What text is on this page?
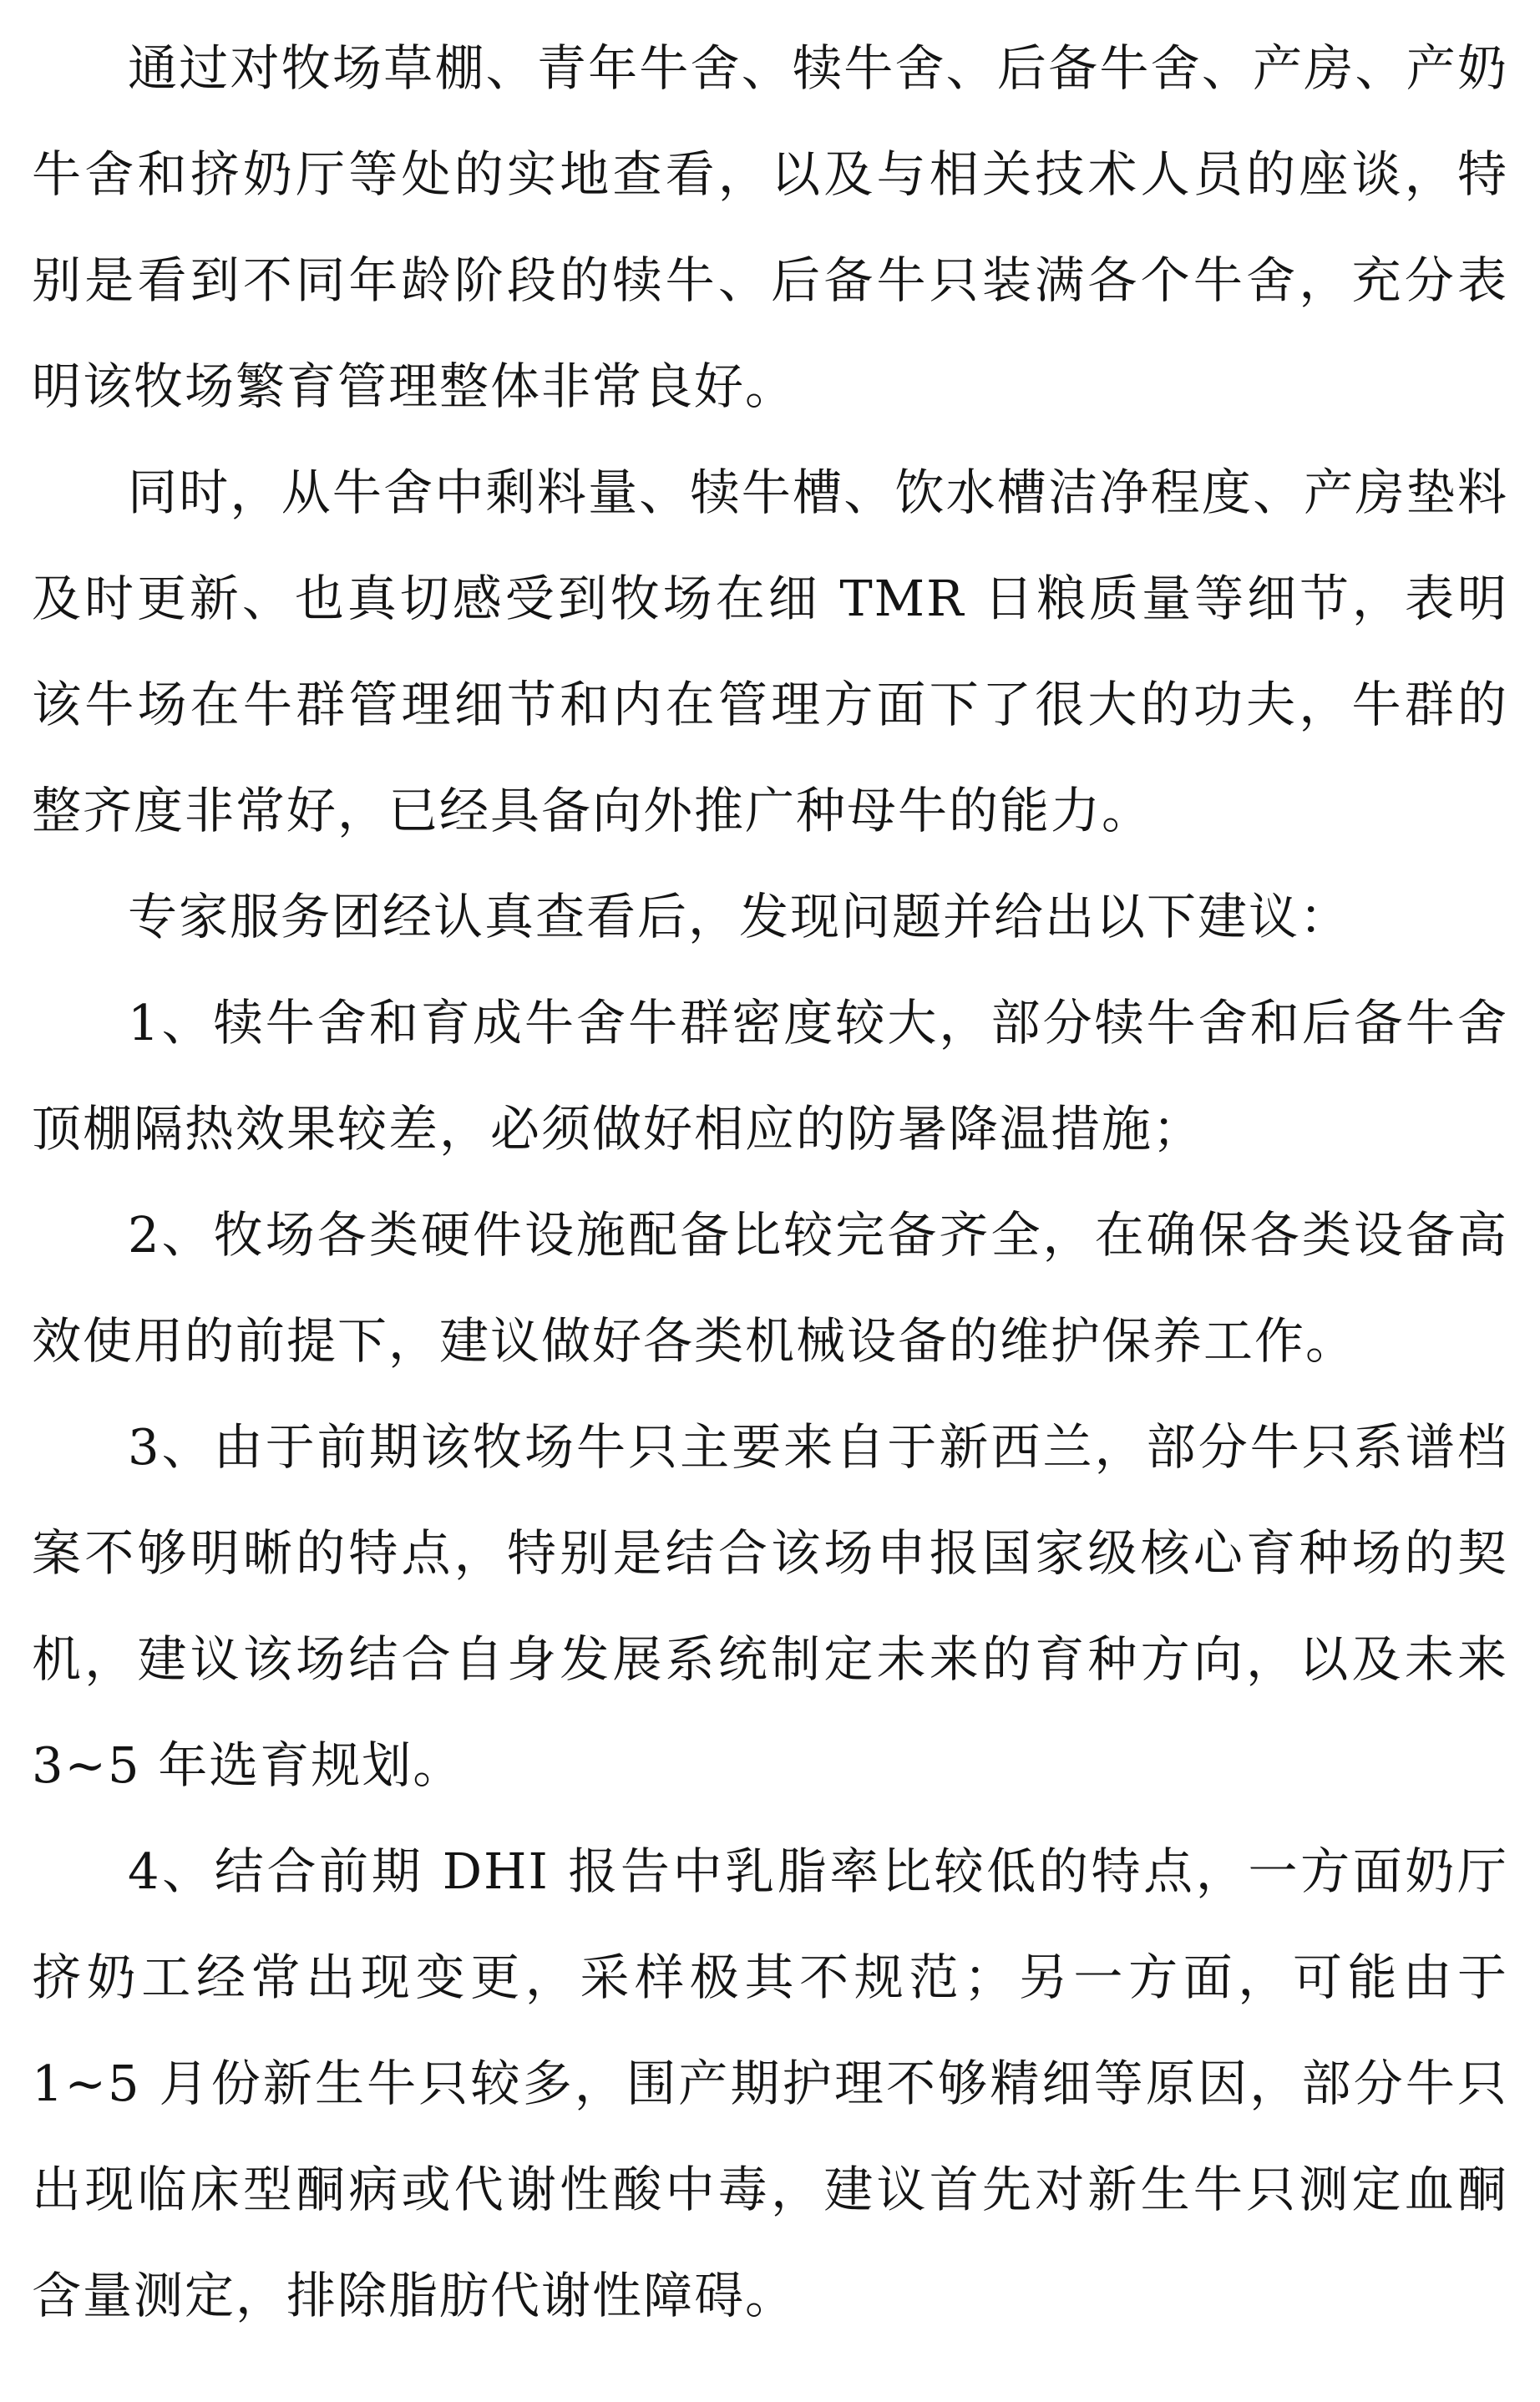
通过对牧场草棚、青年牛舍、犊牛舍、后备牛舍、产房、产奶牛舍和挤奶厅等处的实地查看，以及与相关技术人员的座谈，特别是看到不同年龄阶段的犊牛、后备牛只装满各个牛舍，充分表明该牧场繁育管理整体非常良好。

同时，从牛舍中剩料量、犊牛槽、饮水槽洁净程度、产房垫料及时更新、也真切感受到牧场在细 TMR 日粮质量等细节，表明该牛场在牛群管理细节和内在管理方面下了很大的功夫，牛群的整齐度非常好，已经具备向外推广种母牛的能力。

专家服务团经认真查看后，发现问题并给出以下建议：

1、犊牛舍和育成牛舍牛群密度较大，部分犊牛舍和后备牛舍顶棚隔热效果较差，必须做好相应的防暑降温措施；

2、牧场各类硬件设施配备比较完备齐全，在确保各类设备高效使用的前提下，建议做好各类机械设备的维护保养工作。

3、由于前期该牧场牛只主要来自于新西兰，部分牛只系谱档案不够明晰的特点，特别是结合该场申报国家级核心育种场的契机，建议该场结合自身发展系统制定未来的育种方向，以及未来 3~5 年选育规划。

4、结合前期 DHI 报告中乳脂率比较低的特点，一方面奶厅挤奶工经常出现变更，采样极其不规范；另一方面，可能由于 1~5 月份新生牛只较多，围产期护理不够精细等原因，部分牛只出现临床型酮病或代谢性酸中毒，建议首先对新生牛只测定血酮含量测定，排除脂肪代谢性障碍。
